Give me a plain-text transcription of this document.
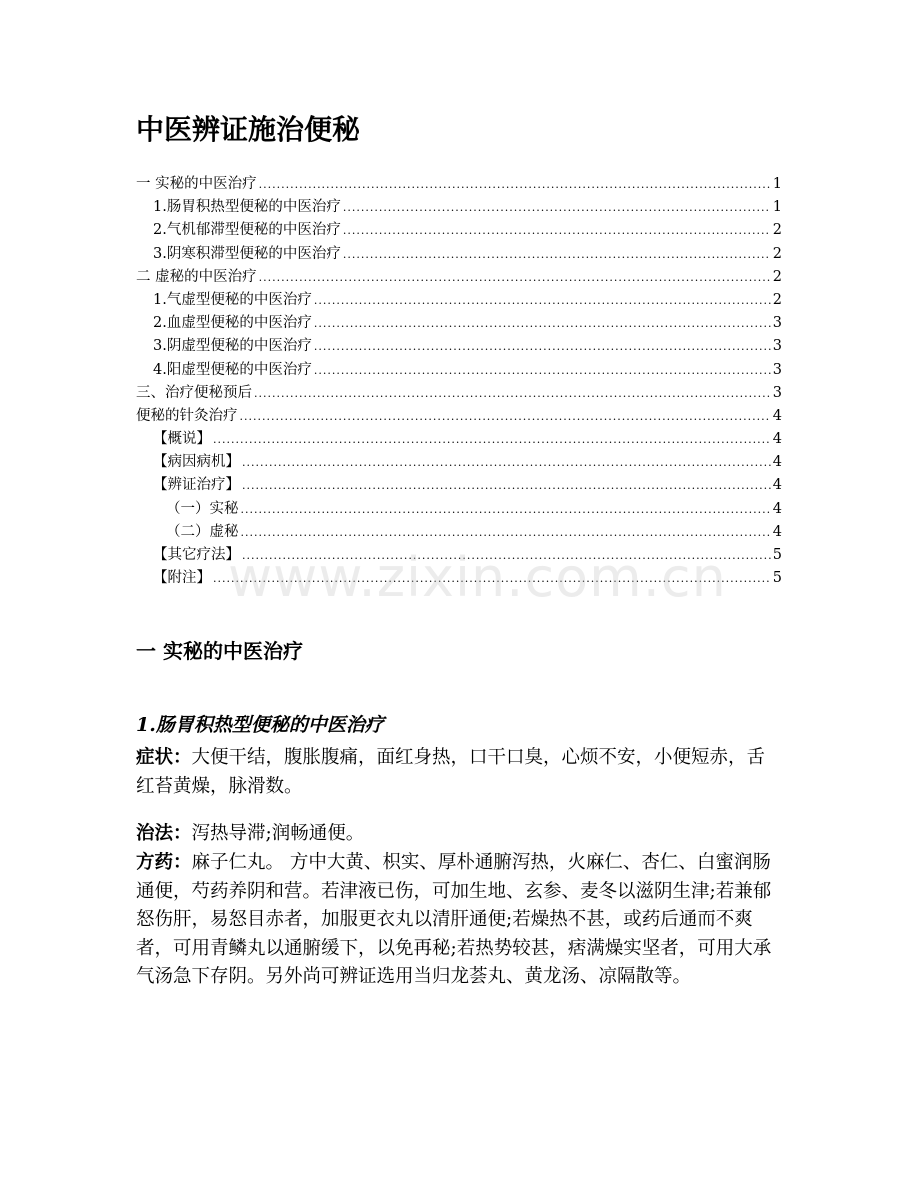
中医辨证施治便秘
一 实秘的中医治疗 .....	1
1.肠胃积热型便秘的中医治疗 .....	1
2.气机郁滞型便秘的中医治疗 .....	2
3.阴寒积滞型便秘的中医治疗 .....	2
二 虚秘的中医治疗 .....	2
1.气虚型便秘的中医治疗 .....	2
2.血虚型便秘的中医治疗 .....	3
3.阴虚型便秘的中医治疗 .....	3
4.阳虚型便秘的中医治疗 .....	3
三、治疗便秘预后 .....	3
便秘的针灸治疗 .....	4
【概说】 .....	4
【病因病机】 .....	4
【辨证治疗】 .....	4
（一）实秘 .....	4
（二）虚秘 .....	4
【其它疗法】 .....	5
【附注】 .....	5
www.zixin.com.cn
一 实秘的中医治疗
1.肠胃积热型便秘的中医治疗

症状：大便干结，腹胀腹痛，面红身热，口干口臭，心烦不安，小便短赤，舌红苔黄燥，脉滑数。

治法：泻热导滞;润畅通便。

方药：麻子仁丸。 方中大黄、枳实、厚朴通腑泻热，火麻仁、杏仁、白蜜润肠通便，芍药养阴和营。若津液已伤，可加生地、玄参、麦冬以滋阴生津;若兼郁怒伤肝，易怒目赤者，加服更衣丸以清肝通便;若燥热不甚，或药后通而不爽者，可用青鳞丸以通腑缓下，以免再秘;若热势较甚，痞满燥实坚者，可用大承气汤急下存阴。另外尚可辨证选用当归龙荟丸、黄龙汤、凉隔散等。
